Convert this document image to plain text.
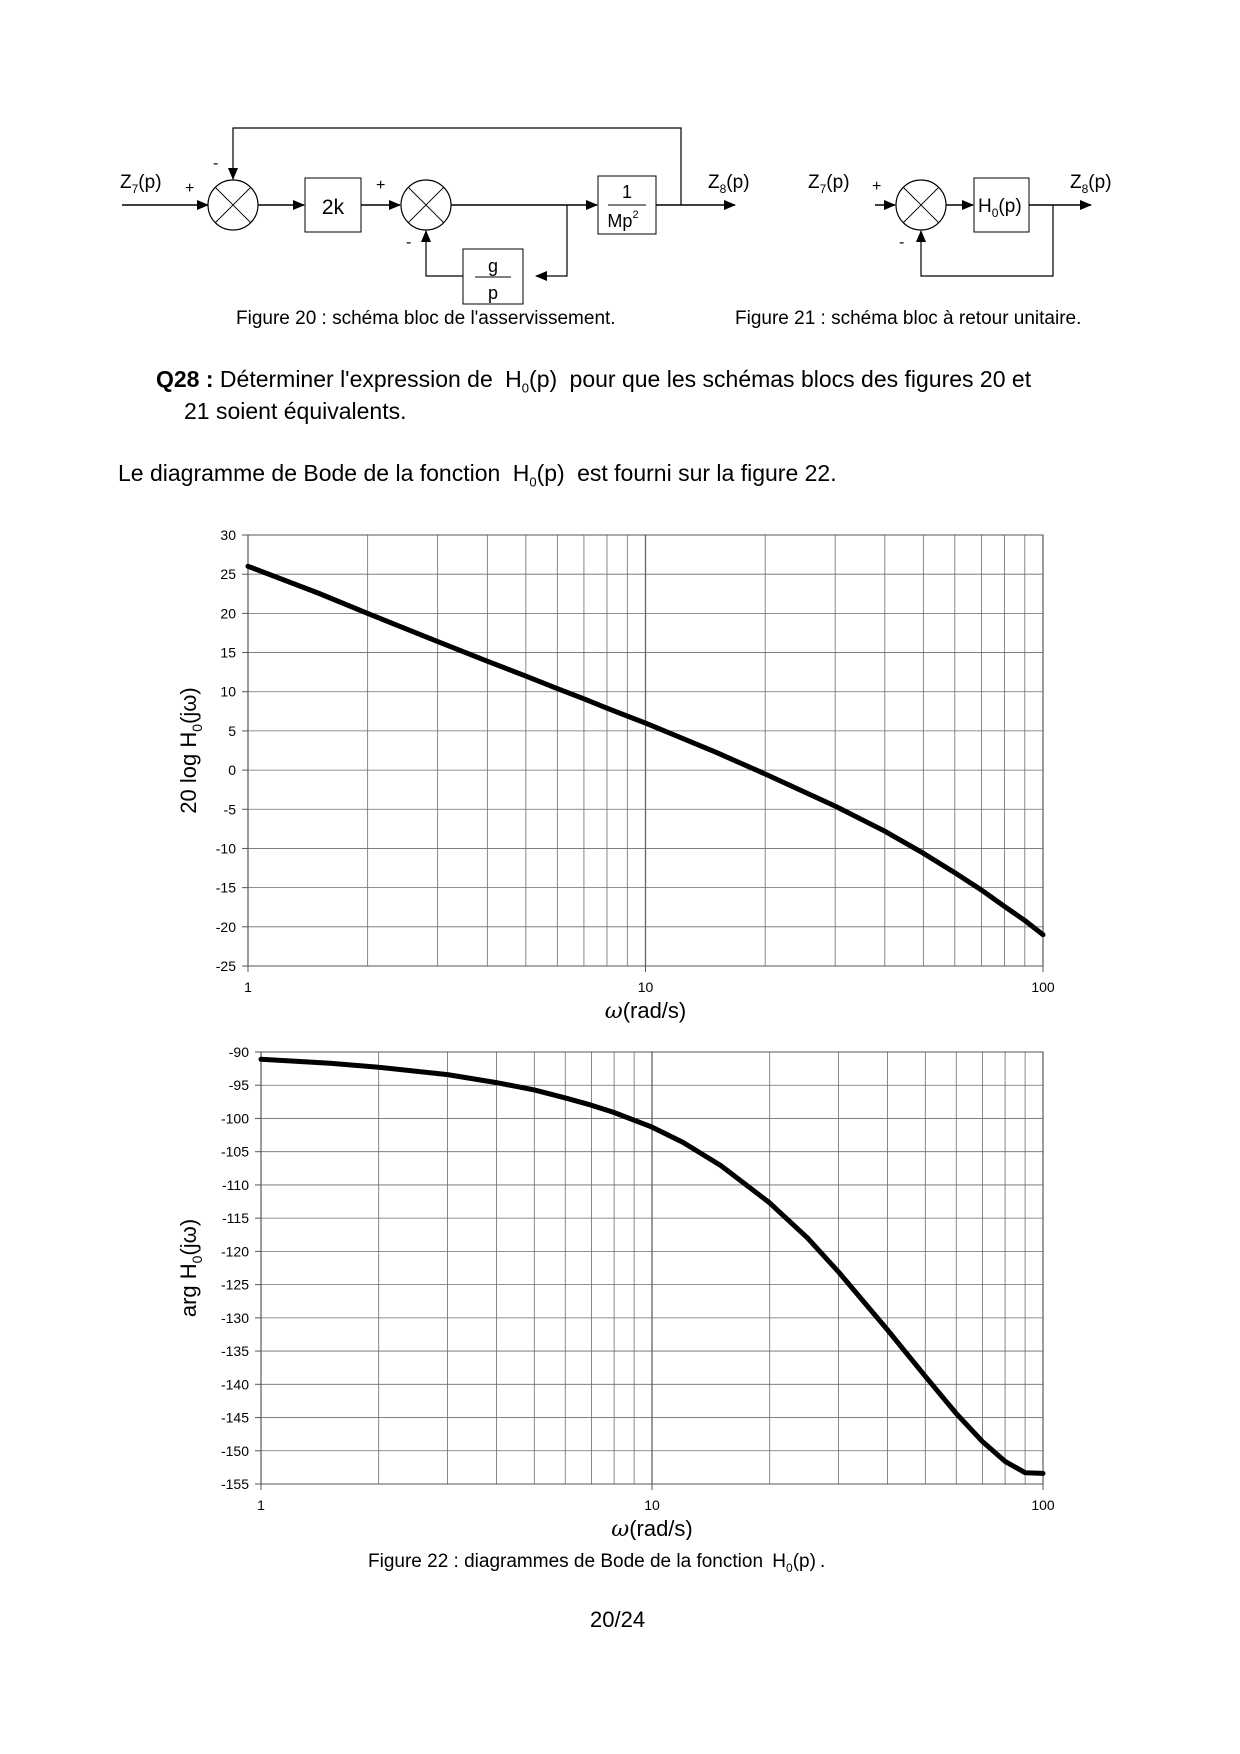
$Z_7(p)$ +
-
2k
+
-
1
Mp$^2$
$Z_8(p)$
g
p
Figure 20 : schéma bloc de l'asservissement.
$Z_7(p)$ +
-
$H_0(p)$
$Z_8(p)$
Figure 21 : schéma bloc à retour unitaire.
Q28 : Déterminer l'expression de $H_0(p)$ pour que les schémas blocs des figures 20 et
21 soient équivalents.
Le diagramme de Bode de la fonction $H_0(p)$ est fourni sur la figure 22.
30
25
20
15
10
5
0
-5
-10
-15
-20
-25
1	10	100
ω(rad/s)
20 $\log H_0(j\omega)$
-90
-95
-100
-105
-110
-115
-120
-125
-130
-135
-140
-145
-150
-155
1	10	100
ω(rad/s)
arg $H_0(j\omega)$
Figure 22 : diagrammes de Bode de la fonction $H_0(p)$ .
20/24
